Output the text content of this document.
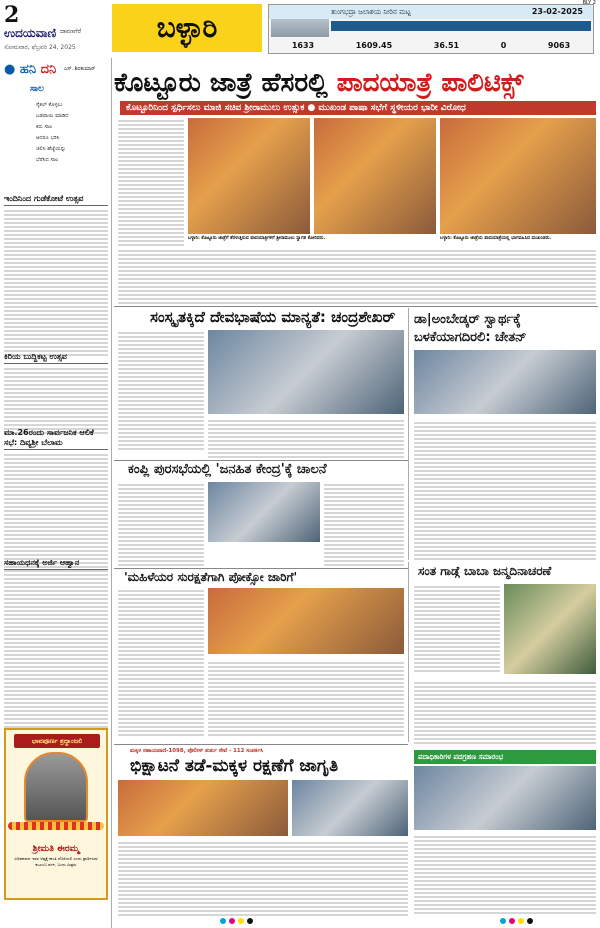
2
ಉದಯವಾಣಿ ದಾವಣಗೆರೆ
ಸೋಮವಾರ, ಫೆಬ್ರವರಿ 24, 2025
ಬಳ್ಳಾರಿ	ತುಂಗಭದ್ರಾ ಜಲಾಶಯ ನೀರಿನ ಮಟ್ಟ	23-02-2025
1633	1609.45	36.51	0	9063
BLY 2
● ಹನಿ ದನಿ ಎಸ್. ಶಿವಕುಮಾರ್
ಸಾಲ
ಸೈಕಲ್ ಕೊಳ್ಳಲು
ಬಡಪಾಯಿ ಮಾಡಿದ
ಕಿರು ಸಾಲ
ಆದರೂ ಭರಿಸಿ
ಚಲಿಸಿ ಹೆಜ್ಜೆಯನ್ನು
ಬೆರೆಸಿದ ಸಾಲ
ಇಂದಿನಿಂದ ಗುಡೆಕೋಟೆ ಉತ್ಸವ
ಕಿರಿಯ ಬುದ್ದಿಕಟ್ಟ ಉತ್ಸವ
ಮಾ.26ರಂದು ಸಾರ್ವಜನಿಕ ಆಲಿಕೆ ಸಭೆ: ದಿವ್ಯಶ್ರೀ ಬೆಲಾಮ
ಸಹಾಯಧನಕ್ಕೆ ಅರ್ಜಿ ಆಹ್ವಾನ
ಭಾವಪೂರ್ಣ ಶ್ರದ್ಧಾಂಜಲಿ
ಶ್ರೀಮತಿ ಈರಮ್ಮ
ವಿಧಿವಶರಾದ ಇವರ ಆತ್ಮಕ್ಕೆ ಶಾಂತಿ ದೊರೆಯಲಿ ಎಂದು ಪ್ರಾರ್ಥಿಸುವ ಕುಟುಂಬ ವರ್ಗ, ಬಂಧು ಮಿತ್ರರು
ಕೊಟ್ಟೂರು ಜಾತ್ರೆ ಹೆಸರಲ್ಲಿ ಪಾದಯಾತ್ರೆ ಪಾಲಿಟಿಕ್ಸ್
ಕೊಟ್ಟೂರಿನಿಂದ ಸ್ಪರ್ಧಿಸಲು ಮಾಜಿ ಸಚಿವ ಶ್ರೀರಾಮುಲು ಉತ್ಸುಕ ● ಮುಖಂಡ ಪಾಷಾ ಸಭೆಗೆ ಸ್ಥಳೀಯರ ಭಾರೀ ವಿರೋಧ
ಬಳ್ಳಾರಿ: ಕೊಟ್ಟೂರು ಜಾತ್ರೆಗೆ ತೆರಳುತ್ತಿರುವ ಪಾದಯಾತ್ರಿಗಳಿಗೆ ಶ್ರೀರಾಮುಲು ಸ್ವಾಗತ ಕೋರಿದರು.	ಬಳ್ಳಾರಿ: ಕೊಟ್ಟೂರು ಜಾತ್ರೆಯ ಪಾದಯಾತ್ರೆಯಲ್ಲಿ ಭಾಗವಹಿಸಿದ ಮುಖಂಡರು.
ಸಂಸ್ಕೃತಕ್ಕಿದೆ ದೇವಭಾಷೆಯ ಮಾನ್ಯತೆ: ಚಂದ್ರಶೇಖರ್ ಡಾ|ಅಂಬೇಡ್ಕರ್ ಸ್ವಾರ್ಥಕ್ಕೆ
ಬಳಕೆಯಾಗದಿರಲಿ: ಚೇತನ್
ಕಂಪ್ಲಿ ಪುರಸಭೆಯಲ್ಲಿ 'ಜನಹಿತ ಕೇಂದ್ರ'ಕ್ಕೆ ಚಾಲನೆ
'ಮಹಿಳೆಯರ ಸುರಕ್ಷತೆಗಾಗಿ ಪೋಕ್ಸೋ ಜಾರಿಗೆ'	ಸಂತ ಗಾಡ್ಗೆ ಬಾಬಾ ಜನ್ಮದಿನಾಚರಣೆ
ಪದಾಧಿಕಾರಿಗಳ ಪದಗ್ರಹಣ ಸಮಾರಂಭ
ಮಕ್ಕಳ ಸಹಾಯವಾಣಿ-1098, ಪೊಲೀಸ್ ತುರ್ತು ಸೇವೆ - 112 ಸಂಪರ್ಕಿಸಿ
ಭಿಕ್ಷಾಟನೆ ತಡೆ-ಮಕ್ಕಳ ರಕ್ಷಣೆಗೆ ಜಾಗೃತಿ
